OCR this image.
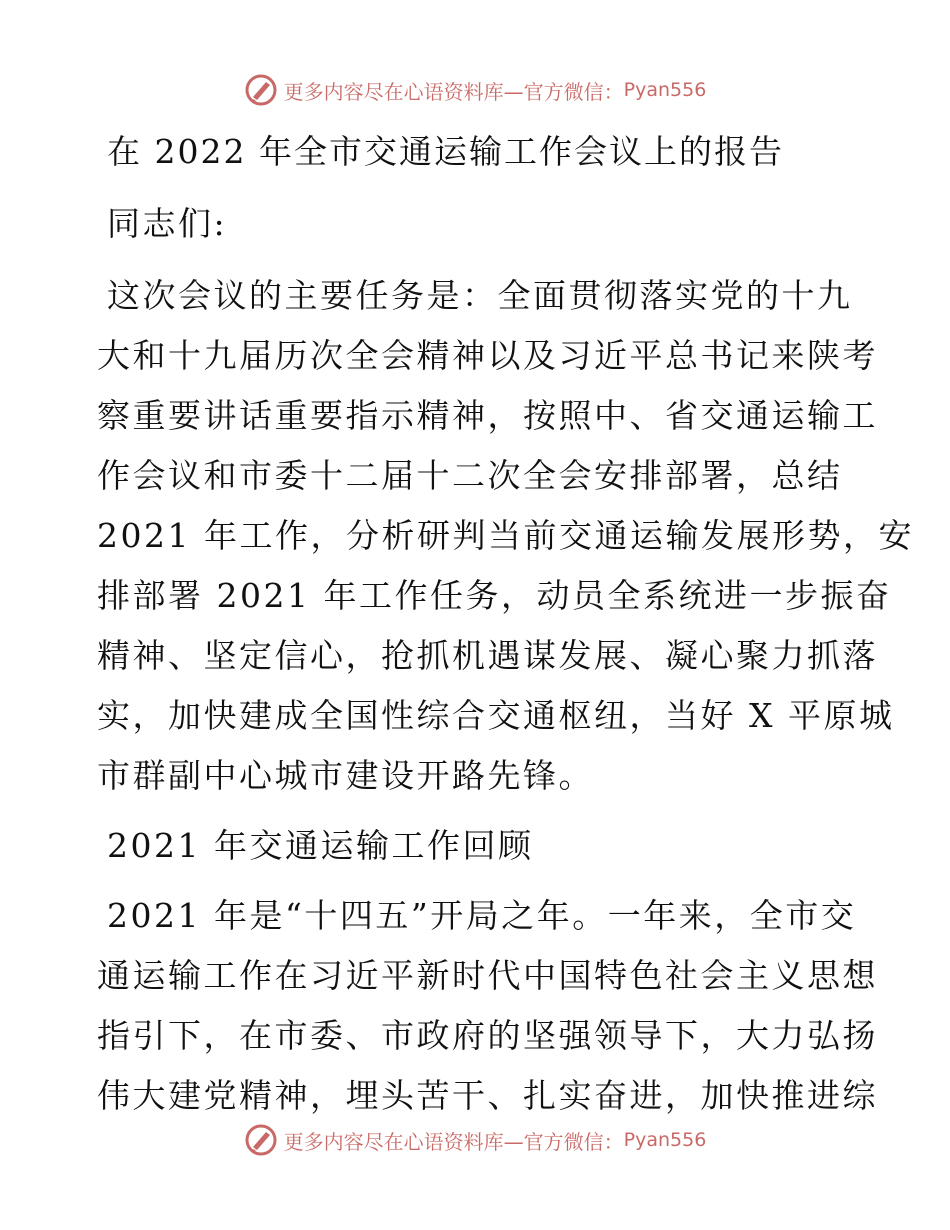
更多内容尽在心语资料库—官方微信： Pyan556
在 2022 年全市交通运输工作会议上的报告
同志们:
这次会议的主要任务是：全面贯彻落实党的十九
大和十九届历次全会精神以及习近平总书记来陕考
察重要讲话重要指示精神，按照中、省交通运输工
作会议和市委十二届十二次全会安排部署，总结
2021 年工作，分析研判当前交通运输发展形势，安
排部署 2021 年工作任务，动员全系统进一步振奋
精神、坚定信心，抢抓机遇谋发展、凝心聚力抓落
实，加快建成全国性综合交通枢纽，当好 X 平原城
市群副中心城市建设开路先锋。
2021 年交通运输工作回顾
2021 年是“十四五”开局之年。一年来，全市交
通运输工作在习近平新时代中国特色社会主义思想
指引下，在市委、市政府的坚强领导下，大力弘扬
伟大建党精神，埋头苦干、扎实奋进，加快推进综
更多内容尽在心语资料库—官方微信： Pyan556
